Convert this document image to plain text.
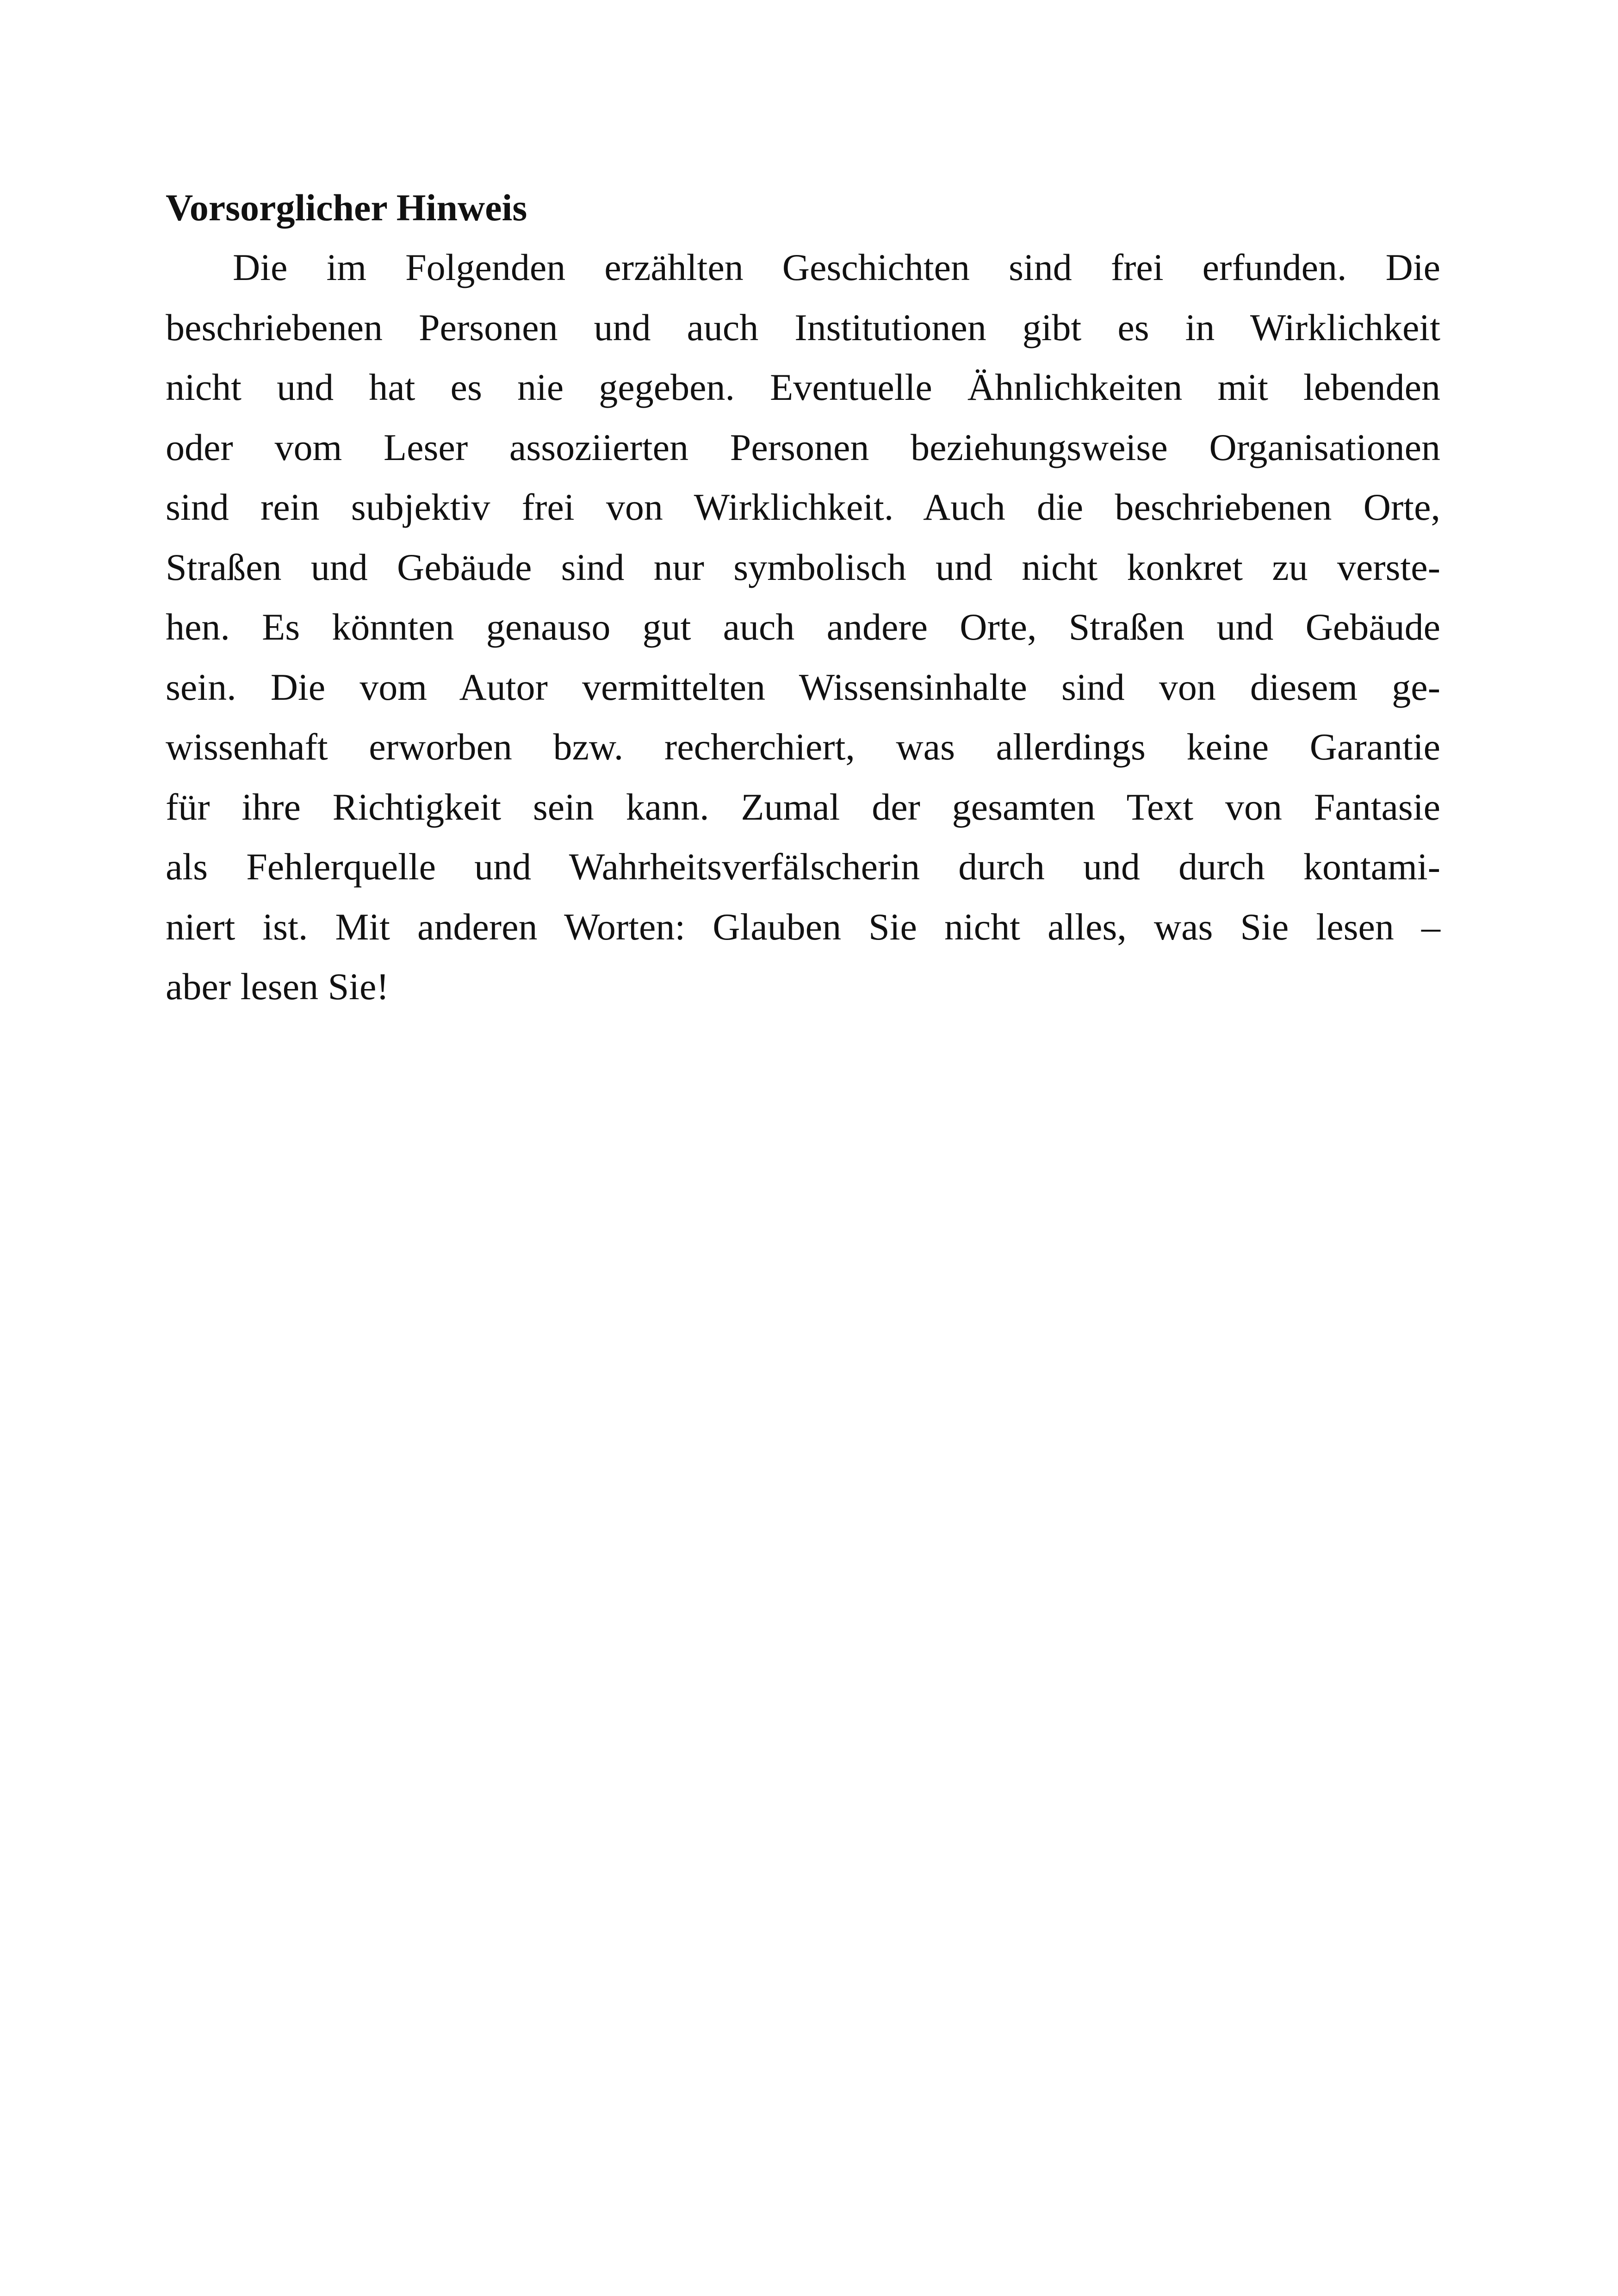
Vorsorglicher Hinweis
Die im Folgenden erzählten Geschichten sind frei erfunden. Die
beschriebenen Personen und auch Institutionen gibt es in Wirklichkeit
nicht und hat es nie gegeben. Eventuelle Ähnlichkeiten mit lebenden
oder vom Leser assoziierten Personen beziehungsweise Organisationen
sind rein subjektiv frei von Wirklichkeit. Auch die beschriebenen Orte,
Straßen und Gebäude sind nur symbolisch und nicht konkret zu verste-
hen. Es könnten genauso gut auch andere Orte, Straßen und Gebäude
sein. Die vom Autor vermittelten Wissensinhalte sind von diesem ge-
wissenhaft erworben bzw. recherchiert, was allerdings keine Garantie
für ihre Richtigkeit sein kann. Zumal der gesamten Text von Fantasie
als Fehlerquelle und Wahrheitsverfälscherin durch und durch kontami-
niert ist. Mit anderen Worten: Glauben Sie nicht alles, was Sie lesen –
aber lesen Sie!
